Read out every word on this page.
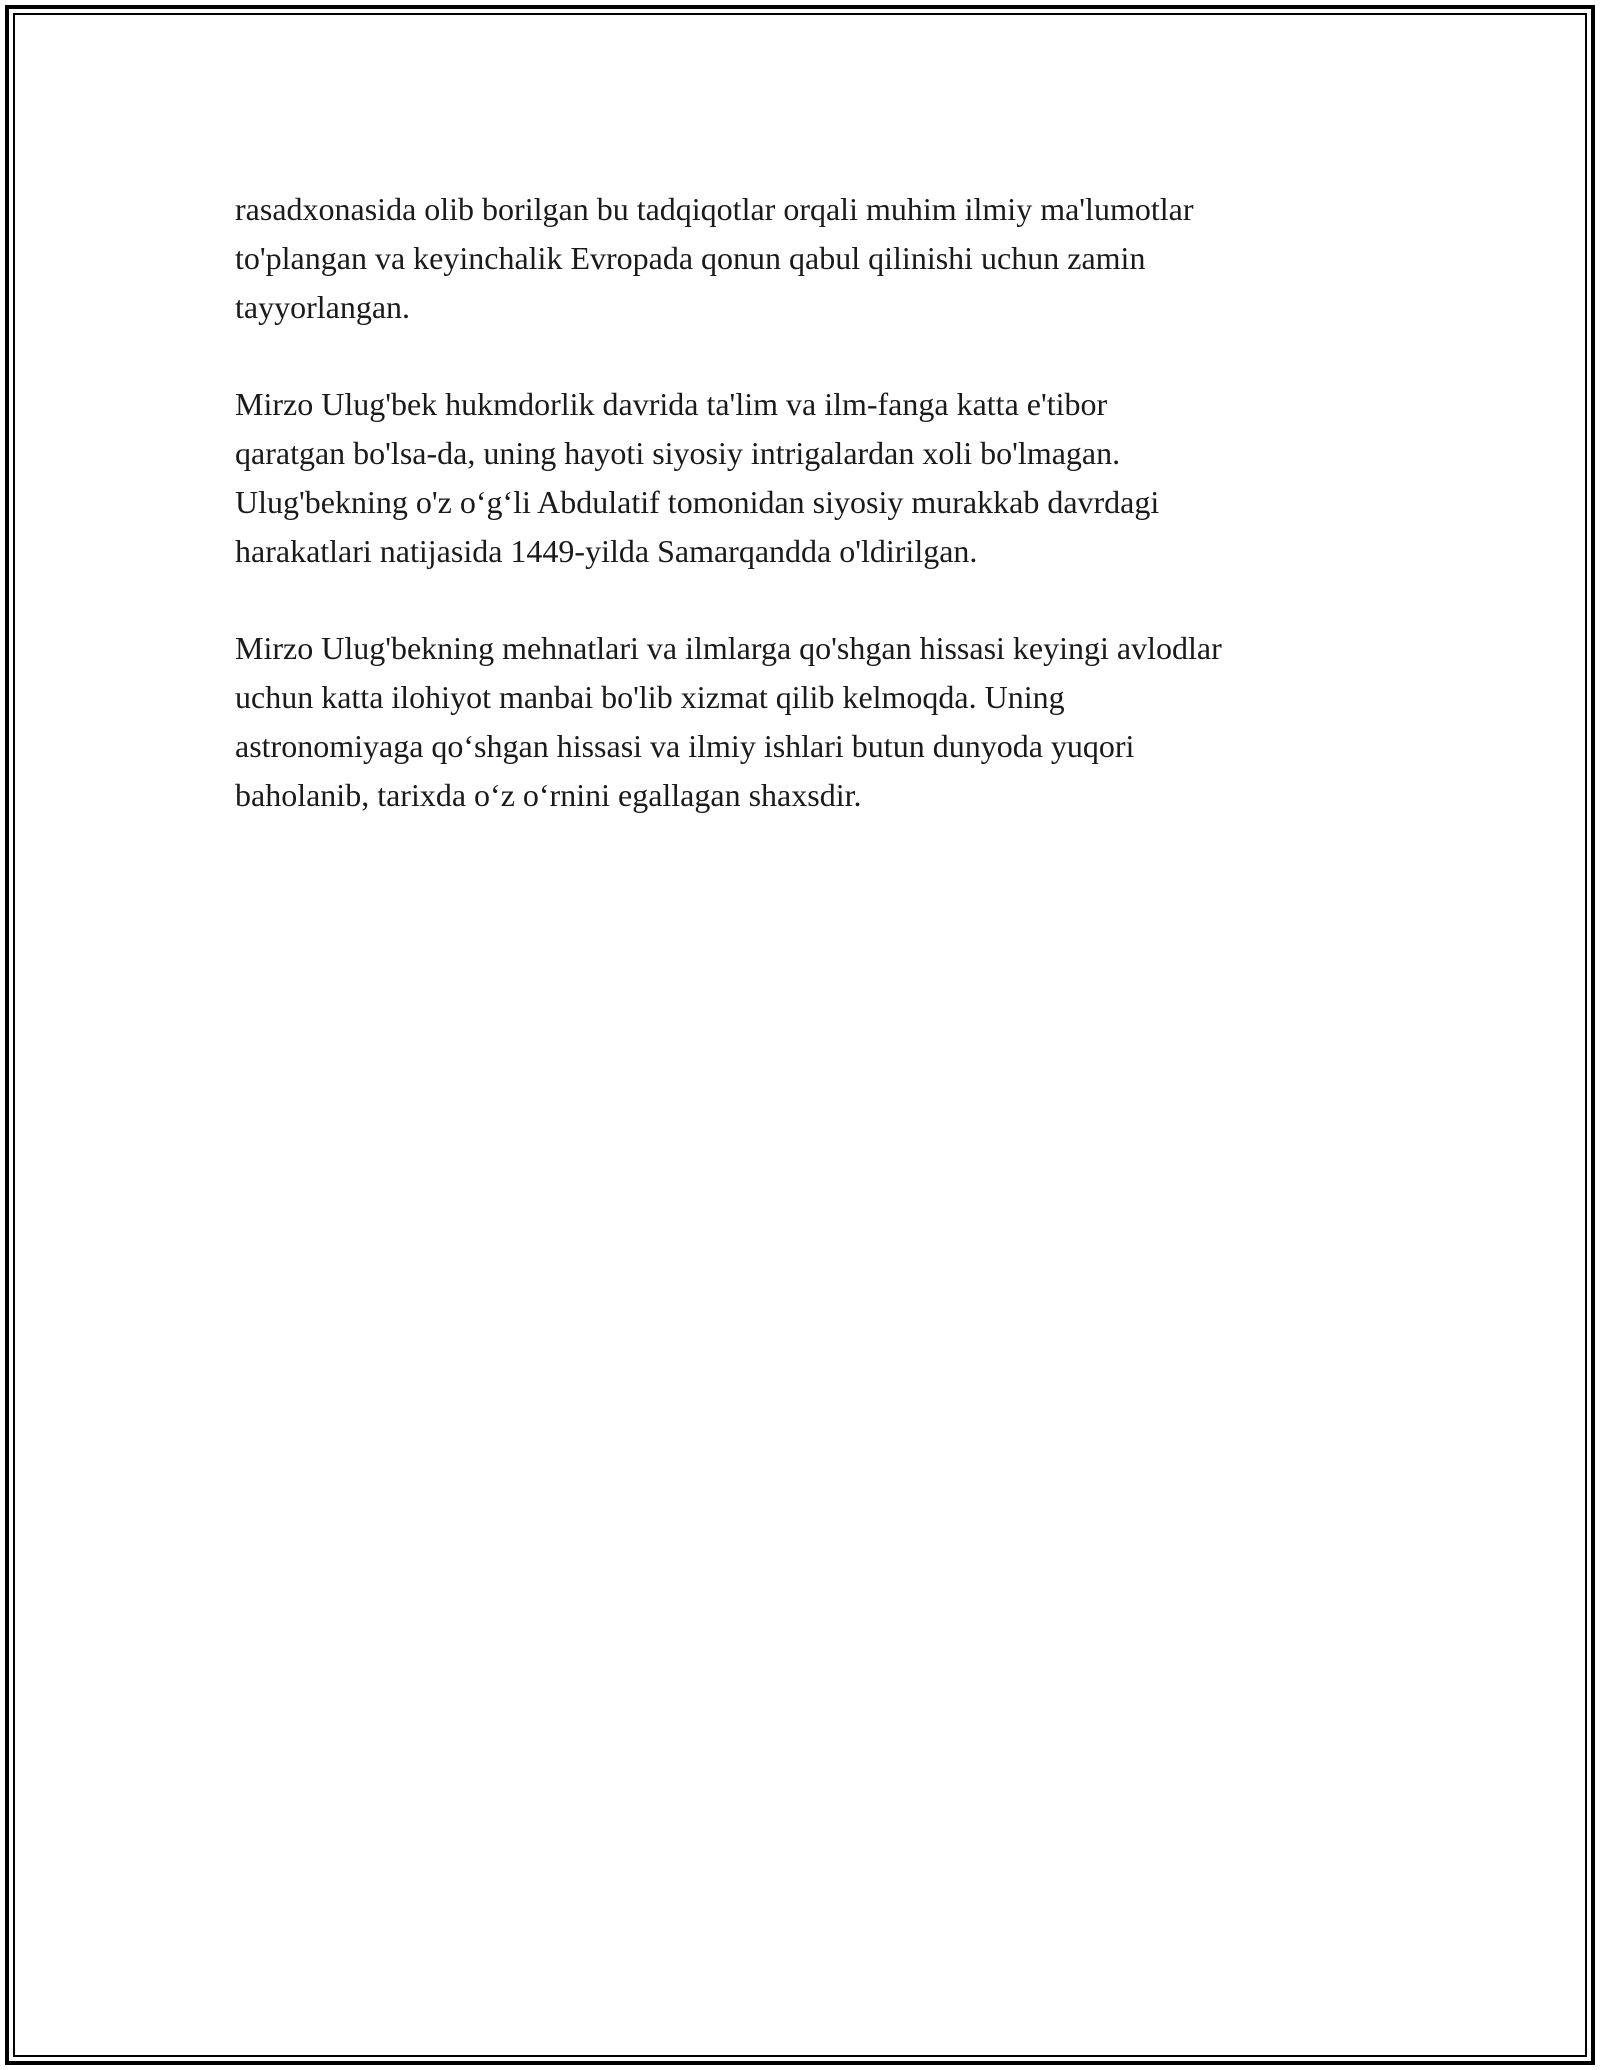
rasadxonasida olib borilgan bu tadqiqotlar orqali muhim ilmiy ma'lumotlar
to'plangan va keyinchalik Evropada qonun qabul qilinishi uchun zamin
tayyorlangan.

Mirzo Ulug'bek hukmdorlik davrida ta'lim va ilm-fanga katta e'tibor
qaratgan bo'lsa-da, uning hayoti siyosiy intrigalardan xoli bo'lmagan.
Ulug'bekning o'z o‘g‘li Abdulatif tomonidan siyosiy murakkab davrdagi
harakatlari natijasida 1449-yilda Samarqandda o'ldirilgan.

Mirzo Ulug'bekning mehnatlari va ilmlarga qo'shgan hissasi keyingi avlodlar
uchun katta ilohiyot manbai bo'lib xizmat qilib kelmoqda. Uning
astronomiyaga qo‘shgan hissasi va ilmiy ishlari butun dunyoda yuqori
baholanib, tarixda o‘z o‘rnini egallagan shaxsdir.
